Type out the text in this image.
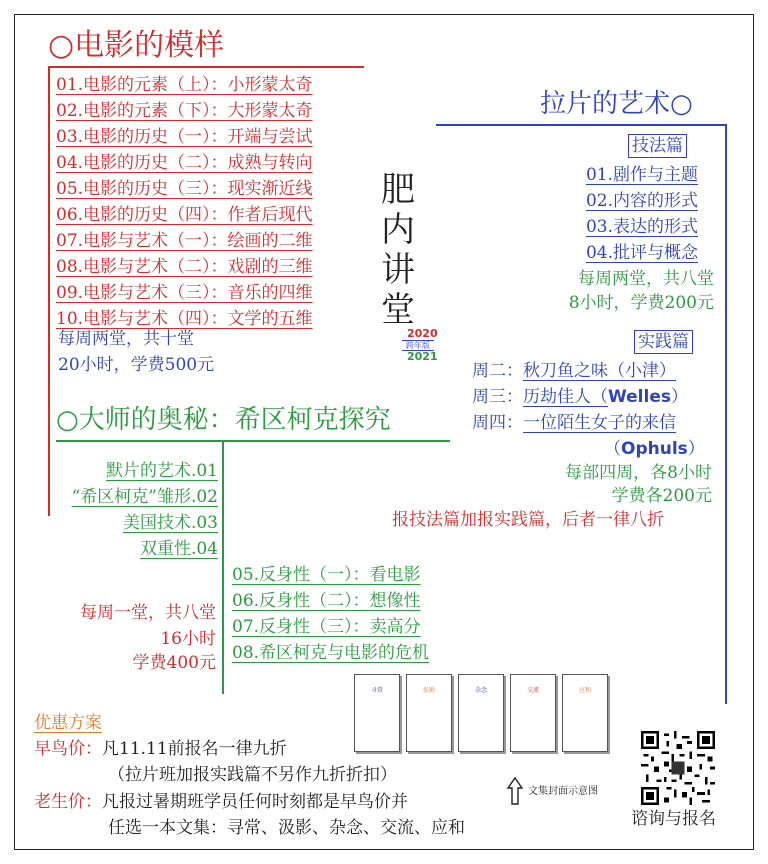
○电影的模样
01.电影的元素（上）：小形蒙太奇
02.电影的元素（下）：大形蒙太奇
03.电影的历史（一）：开端与尝试
04.电影的历史（二）：成熟与转向
05.电影的历史（三）：现实渐近线
06.电影的历史（四）：作者后现代
07.电影与艺术（一）：绘画的二维
08.电影与艺术（二）：戏剧的三维
09.电影与艺术（三）：音乐的四维
10.电影与艺术（四）：文学的五维
每周两堂，共十堂
20小时，学费500元
肥
内
讲
堂
2020
跨年版
2021
拉片的艺术○
技法篇
01.剧作与主题
02.内容的形式
03.表达的形式
04.批评与概念
每周两堂，共八堂
8小时，学费200元
实践篇
周二：秋刀鱼之味（小津）
周三：历劫佳人（Welles）
周四：一位陌生女子的来信
（Ophuls）
每部四周，各8小时
学费各200元
报技法篇加报实践篇，后者一律八折
○大师的奥秘：希区柯克探究
默片的艺术.01
“希区柯克”雏形.02
美国技术.03
双重性.04
05.反身性（一）：看电影
06.反身性（二）：想像性
07.反身性（三）：卖高分
08.希区柯克与电影的危机
每周一堂，共八堂
16小时
学费400元
寻常	汲影	杂念	交流	应和
文集封面示意图
优惠方案
早鸟价：凡11.11前报名一律九折
（拉片班加报实践篇不另作九折折扣）
老生价：凡报过暑期班学员任何时刻都是早鸟价并
任选一本文集：寻常、汲影、杂念、交流、应和	谘询与报名
